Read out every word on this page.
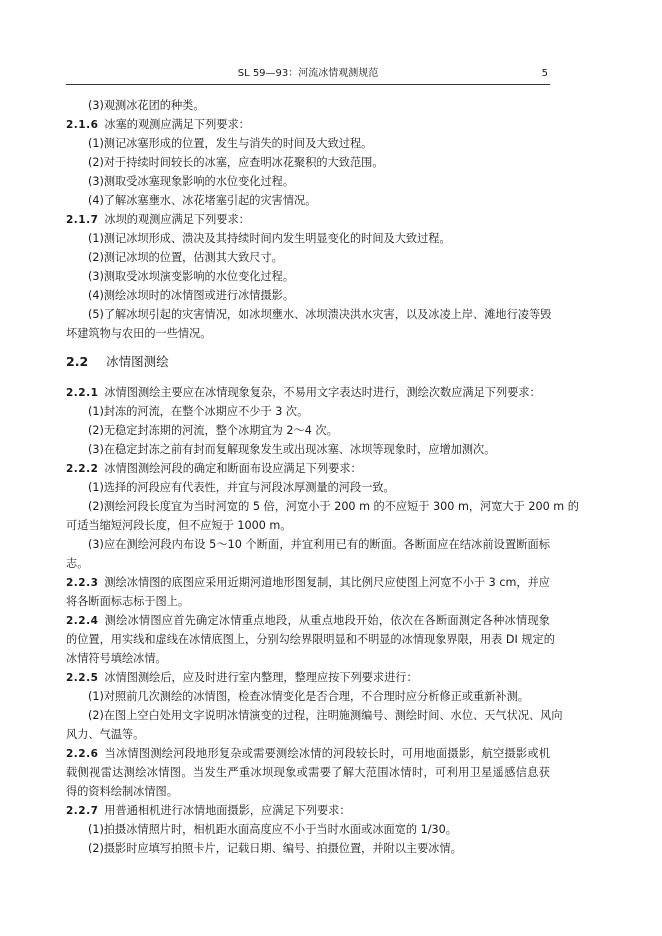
SL 59—93：河流冰情观测规范	5
(3)观测冰花团的种类。
2.1.6 冰塞的观测应满足下列要求：
(1)测记冰塞形成的位置，发生与消失的时间及大致过程。
(2)对于持续时间较长的冰塞，应查明冰花聚积的大致范围。
(3)测取受冰塞现象影响的水位变化过程。
(4)了解冰塞壅水、冰花堵塞引起的灾害情况。
2.1.7 冰坝的观测应满足下列要求：
(1)测记冰坝形成、溃决及其持续时间内发生明显变化的时间及大致过程。
(2)测记冰坝的位置，估测其大致尺寸。
(3)测取受冰坝演变影响的水位变化过程。
(4)测绘冰坝时的冰情图或进行冰情摄影。
(5)了解冰坝引起的灾害情况，如冰坝壅水、冰坝溃决洪水灾害，以及冰凌上岸、滩地行凌等毁
坏建筑物与农田的一些情况。
2.2 冰情图测绘
2.2.1 冰情图测绘主要应在冰情现象复杂，不易用文字表达时进行，测绘次数应满足下列要求：
(1)封冻的河流，在整个冰期应不少于 3 次。
(2)无稳定封冻期的河流，整个冰期宜为 2～4 次。
(3)在稳定封冻之前有封而复解现象发生或出现冰塞、冰坝等现象时，应增加测次。
2.2.2 冰情图测绘河段的确定和断面布设应满足下列要求：
(1)选择的河段应有代表性，并宜与河段冰厚测量的河段一致。
(2)测绘河段长度宜为当时河宽的 5 倍，河宽小于 200 m 的不应短于 300 m，河宽大于 200 m 的
可适当缩短河段长度，但不应短于 1000 m。
(3)应在测绘河段内布设 5～10 个断面，并宜利用已有的断面。各断面应在结冰前设置断面标
志。
2.2.3 测绘冰情图的底图应采用近期河道地形图复制，其比例尺应使图上河宽不小于 3 cm，并应
将各断面标志标于图上。
2.2.4 测绘冰情图应首先确定冰情重点地段，从重点地段开始，依次在各断面测定各种冰情现象
的位置，用实线和虚线在冰情底图上，分别勾绘界限明显和不明显的冰情现象界限，用表 DI 规定的
冰情符号填绘冰情。
2.2.5 冰情图测绘后，应及时进行室内整理，整理应按下列要求进行：
(1)对照前几次测绘的冰情图，检查冰情变化是否合理，不合理时应分析修正或重新补测。
(2)在图上空白处用文字说明冰情演变的过程，注明施测编号、测绘时间、水位、天气状况、风向
风力、气温等。
2.2.6 当冰情图测绘河段地形复杂或需要测绘冰情的河段较长时，可用地面摄影，航空摄影或机
载侧视雷达测绘冰情图。当发生严重冰坝现象或需要了解大范围冰情时，可利用卫星遥感信息获
得的资料绘制冰情图。
2.2.7 用普通相机进行冰情地面摄影，应满足下列要求：
(1)拍摄冰情照片时，相机距水面高度应不小于当时水面或冰面宽的 1/30。
(2)摄影时应填写拍照卡片，记载日期、编号、拍摄位置，并附以主要冰情。
